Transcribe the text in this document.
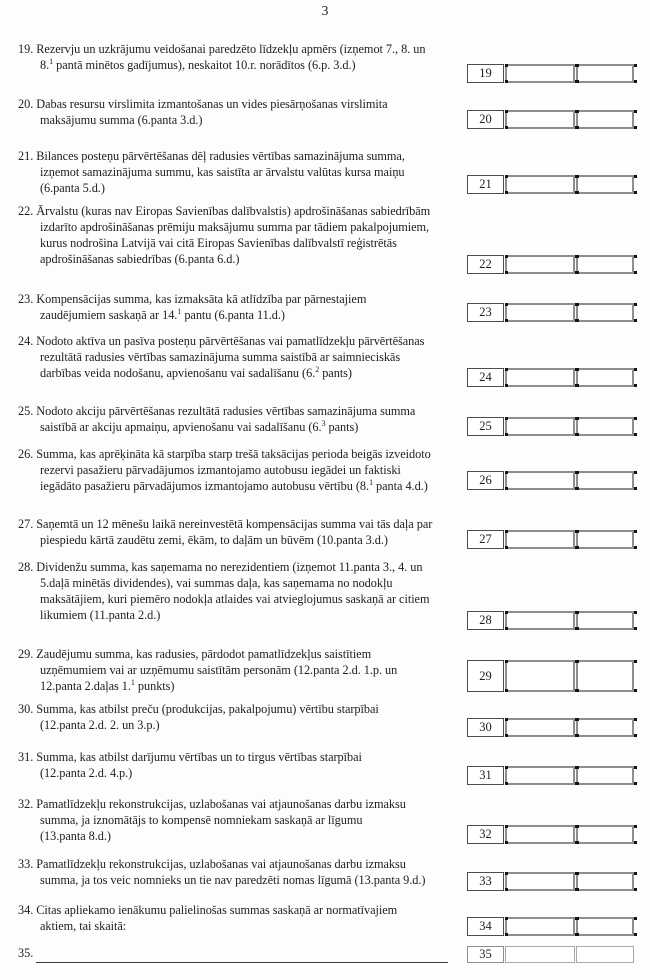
3
19. Rezervju un uzkrājumu veidošanai paredzēto līdzekļu apmērs (izņemot 7., 8. un
8.$^1$ pantā minētos gadījumus), neskaitot 10.r. norādītos (6.p. 3.d.)
19
20. Dabas resursu virslimita izmantošanas un vides piesārņošanas virslimita
maksājumu summa (6.panta 3.d.)	20
21. Bilances posteņu pārvērtēšanas dēļ radusies vērtības samazinājuma summa,
izņemot samazinājuma summu, kas saistīta ar ārvalstu valūtas kursa maiņu
(6.panta 5.d.)	21
22. Ārvalstu (kuras nav Eiropas Savienības dalībvalstis) apdrošināšanas sabiedrībām
izdarīto apdrošināšanas prēmiju maksājumu summa par tādiem pakalpojumiem,
kurus nodrošina Latvijā vai citā Eiropas Savienības dalībvalstī reģistrētās
apdrošināšanas sabiedrības (6.panta 6.d.)	22
23. Kompensācijas summa, kas izmaksāta kā atlīdzība par pārnestajiem
zaudējumiem saskaņā ar 14.$^1$ pantu (6.panta 11.d.)	23
24. Nodoto aktīva un pasīva posteņu pārvērtēšanas vai pamatlīdzekļu pārvērtēšanas
rezultātā radusies vērtības samazinājuma summa saistībā ar saimnieciskās
darbības veida nodošanu, apvienošanu vai sadalīšanu (6.$^2$ pants)	24
25. Nodoto akciju pārvērtēšanas rezultātā radusies vērtības samazinājuma summa
saistībā ar akciju apmaiņu, apvienošanu vai sadalīšanu (6.$^3$ pants)	25
26. Summa, kas aprēķināta kā starpība starp trešā taksācijas perioda beigās izveidoto
rezervi pasažieru pārvadājumos izmantojamo autobusu iegādei un faktiski
iegādāto pasažieru pārvadājumos izmantojamo autobusu vērtību (8.$^1$ panta 4.d.)	26
27. Saņemtā un 12 mēnešu laikā nereinvestētā kompensācijas summa vai tās daļa par
piespiedu kārtā zaudētu zemi, ēkām, to daļām un būvēm (10.panta 3.d.)	27
28. Dividenžu summa, kas saņemama no nerezidentiem (izņemot 11.panta 3., 4. un
5.daļā minētās dividendes), vai summas daļa, kas saņemama no nodokļu
maksātājiem, kuri piemēro nodokļa atlaides vai atvieglojumus saskaņā ar citiem
likumiem (11.panta 2.d.)	28
29. Zaudējumu summa, kas radusies, pārdodot pamatlīdzekļus saistītiem
uzņēmumiem vai ar uzņēmumu saistītām personām (12.panta 2.d. 1.p. un
12.panta 2.daļas 1.$^1$ punkts)
29
30. Summa, kas atbilst preču (produkcijas, pakalpojumu) vērtību starpībai
(12.panta 2.d. 2. un 3.p.)	30
31. Summa, kas atbilst darījumu vērtības un to tirgus vērtības starpībai
(12.panta 2.d. 4.p.)	31
32. Pamatlīdzekļu rekonstrukcijas, uzlabošanas vai atjaunošanas darbu izmaksu
summa, ja iznomātājs to kompensē nomniekam saskaņā ar līgumu
(13.panta 8.d.)	32
33. Pamatlīdzekļu rekonstrukcijas, uzlabošanas vai atjaunošanas darbu izmaksu
summa, ja tos veic nomnieks un tie nav paredzēti nomas līgumā (13.panta 9.d.)	33
34. Citas apliekamo ienākumu palielinošas summas saskaņā ar normatīvajiem
aktiem, tai skaitā:	34
35.	35
